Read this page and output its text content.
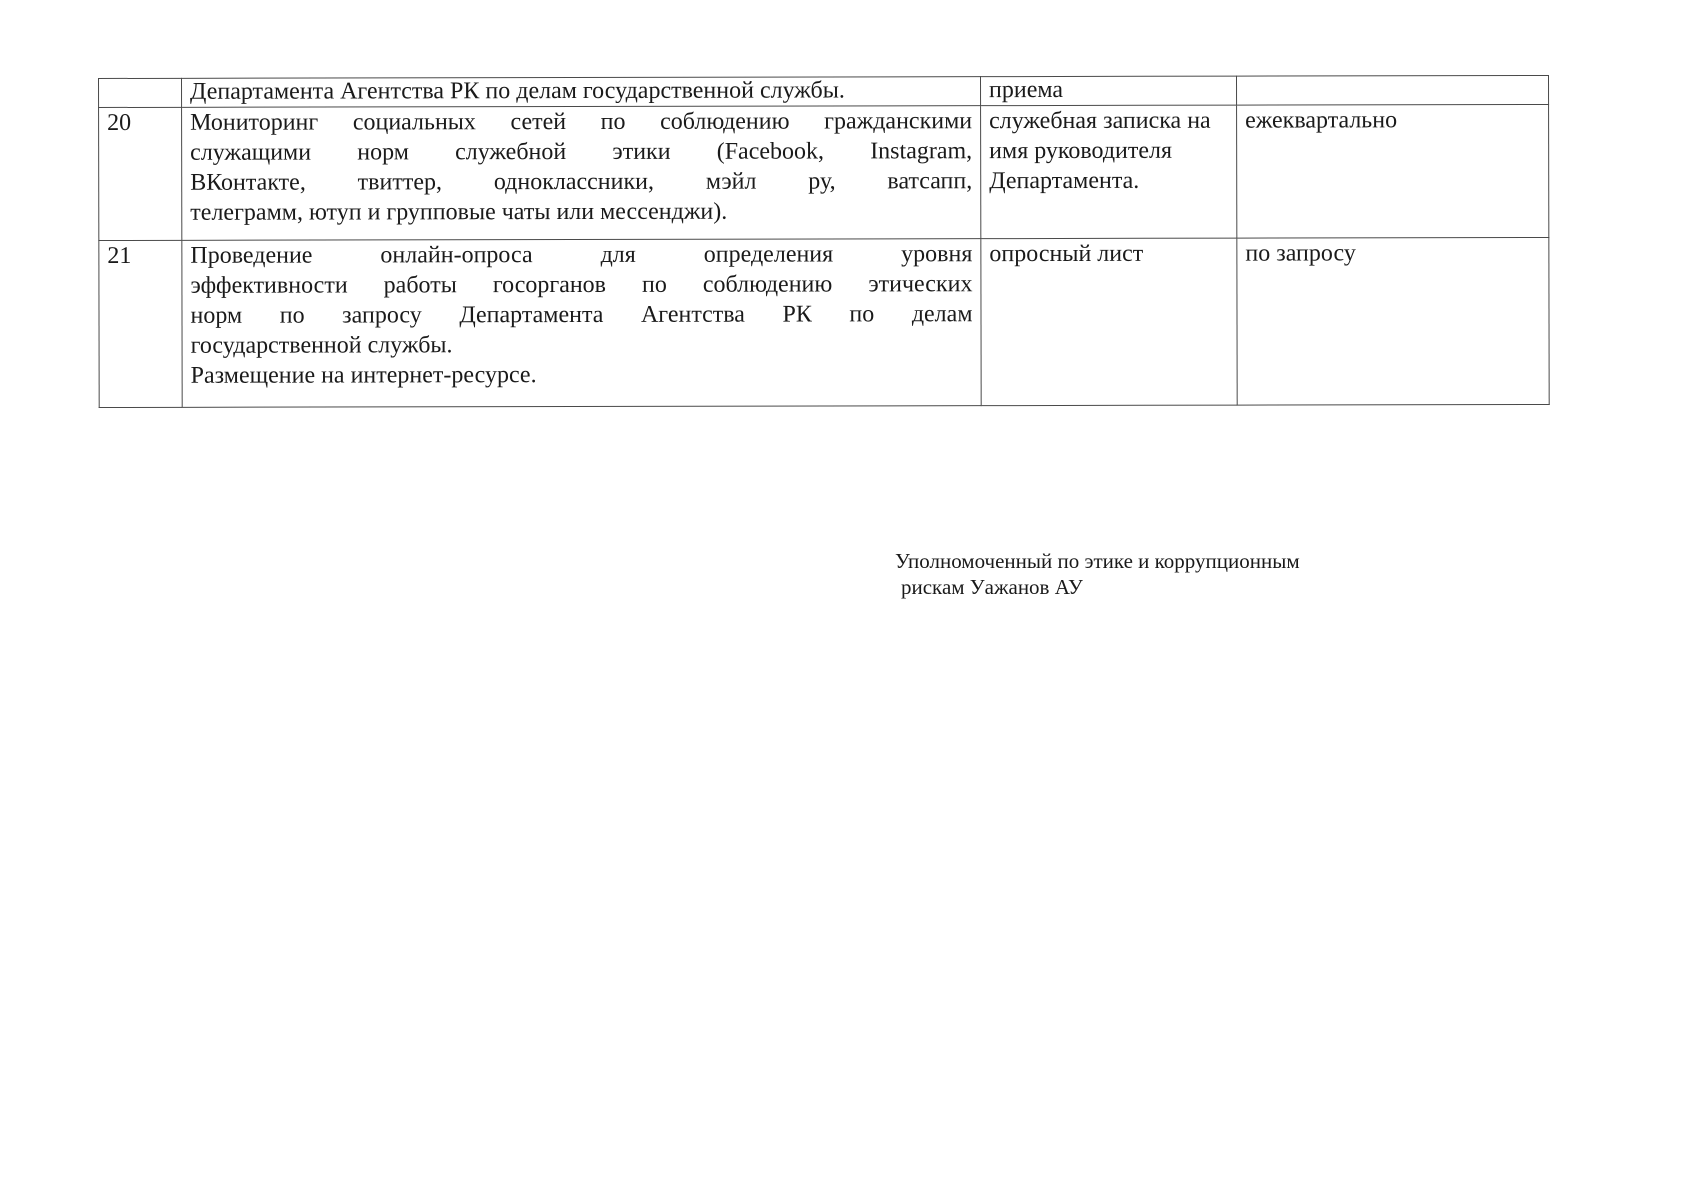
	Департамента Агентства РК по делам государственной службы.	приема	
20	Мониторинг социальных сетей по соблюдению гражданскими
служащими норм служебной этики (Facebook, Instagram,
ВКонтакте, твиттер, одноклассники, мэйл ру, ватсапп,
телеграмм, ютуп и групповые чаты или мессенджи).	служебная записка на имя руководителя Департамента.	ежеквартально
21	Проведение онлайн-опроса для определения уровня
эффективности работы госорганов по соблюдению этических
норм по запросу Департамента Агентства РК по делам
государственной службы.
Размещение на интернет-ресурсе.	опросный лист	по запросу
Уполномоченный по этике и коррупционным
рискам Уажанов АУ
